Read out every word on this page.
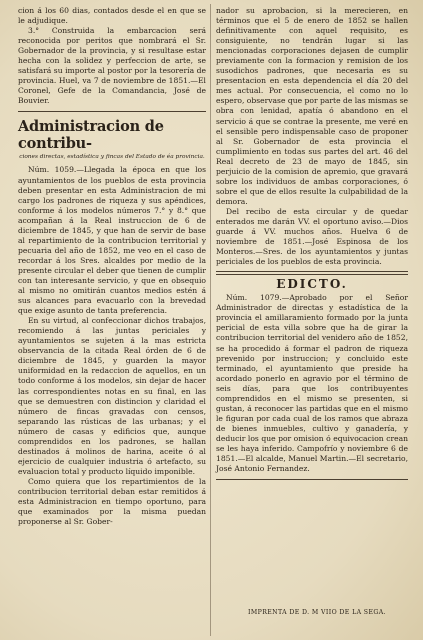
cion á los 60 dias, contados desde el en que se le adjudique.

3.° Construida la embarcacion será reconocida por peritos que nombrará el Sr. Gobernador de la provincia, y si resultase estar hecha con la solidez y perfeccion de arte, se satisfará su importe al postor por la tesorería de provincia. Huel, va 7 de noviembre de 1851.—El Coronel, Gefe de la Comandancia, José de Bouvier.

Administracion de contribu-
ciones directas, estadística y fincas del Estado de éa provincia.

Núm. 1059.—Llegada la época en que los ayuntamientos de los pueblos de esta provincia deben presentar en esta Administracion de mi cargo los padrones de riqueza y sus apéndices, conforme á los modelos números 7.° y 8.° que acompañan á la Real instruccion de 6 de diciembre de 1845, y que han de servir de base al repartimiento de la contribucion territorial y pecuaria del año de 1852, me veo en el caso de recordar á los Sres. alcaldes por medio de la presente circular el deber que tienen de cumplir con tan interesante servicio, y que en obsequio al mismo no omitirán cuantos medios estén á sus alcances para evacuarlo con la brevedad que exige asunto de tanta preferencia.

En su virtud, al confeccionar dichos trabajos, recomiendo á las juntas periciales y ayuntamientos se sujeten á la mas estricta observancia de la citada Real órden de 6 de diciembre de 1845, y guarden la mayor uniformidad en la redaccion de aquellos, en un todo conforme á los modelos, sin dejar de hacer las correspondientes notas en su final, en las que se demuestren con distincion y claridad el número de fincas gravadas con censos, separando las rústicas de las urbanas; y el número de casas y edificios que, aunque comprendidos en los padrones, se hallan destinados á molinos de harina, aceite ó al ejercicio de cualquier industria ó artefacto, su evaluacion total y producto líquido imponible.

Como quiera que los repartimientos de la contribucion territorial deban estar remitidos á esta Administracion en tiempo oportuno, para que examinados por la misma puedan proponerse al Sr. Gober-

nador su aprobacion, si la merecieren, en términos que el 5 de enero de 1852 se hallen definitivamente con aquel requisito, es consiguiente, no tendrán lugar si las mencionadas corporaciones dejasen de cumplir previamente con la formacion y remision de los susodichos padrones, que necesaria es su presentacion en esta dependencia el día 20 del mes actual. Por consecuencia, el como no lo espero, observase que por parte de las mismas se obra con lenidad, apatía ó abandono en el servicio á que se contrae la presente, me veré en el sensible pero indispensable caso de proponer al Sr. Gobernador de esta provincia el cumplimiento en todas sus partes del art. 46 del Real decreto de 23 de mayo de 1845, sin perjuicio de la comision de apremio, que gravará sobre los individuos de ambas corporaciones, ó sobre el que de ellos resulte la culpabilidad de la demora.

Del recibo de esta circular y de quedar enterados me darán VV. el oportuno aviso.—Dios guarde á VV. muchos años. Huelva 6 de noviembre de 1851.—José Espinosa de los Monteros.—Sres. de los ayuntamientos y juntas periciales de los pueblos de esta provincia.

EDICTO.

Núm. 1079.—Aprobado por el Señor Administrador de directas y estadística de la provincia el amillaramiento formado por la junta pericial de esta villa sobre que ha de girar la contribucion territorial del venidero año de 1852, se ha procedido á formar el padron de riqueza prevenido por instruccion; y concluido este terminado, el ayuntamiento que preside ha acordado ponerlo en agravio por el término de seis días, para que los contribuyentes comprendidos en el mismo se presenten, si gustan, á reconocer las partidas que en el mismo le figuran por cada cual de los ramos que abraza de bienes inmuebles, cultivo y ganadería, y deducir los que por omision ó equivocacion crean se les haya inferido. Campofrío y noviembre 6 de 1851.—El alcalde, Manuel Martin.—El secretario, José Antonio Fernandez.

IMPRENTA DE D. M VIIO DE LA SEGA.
